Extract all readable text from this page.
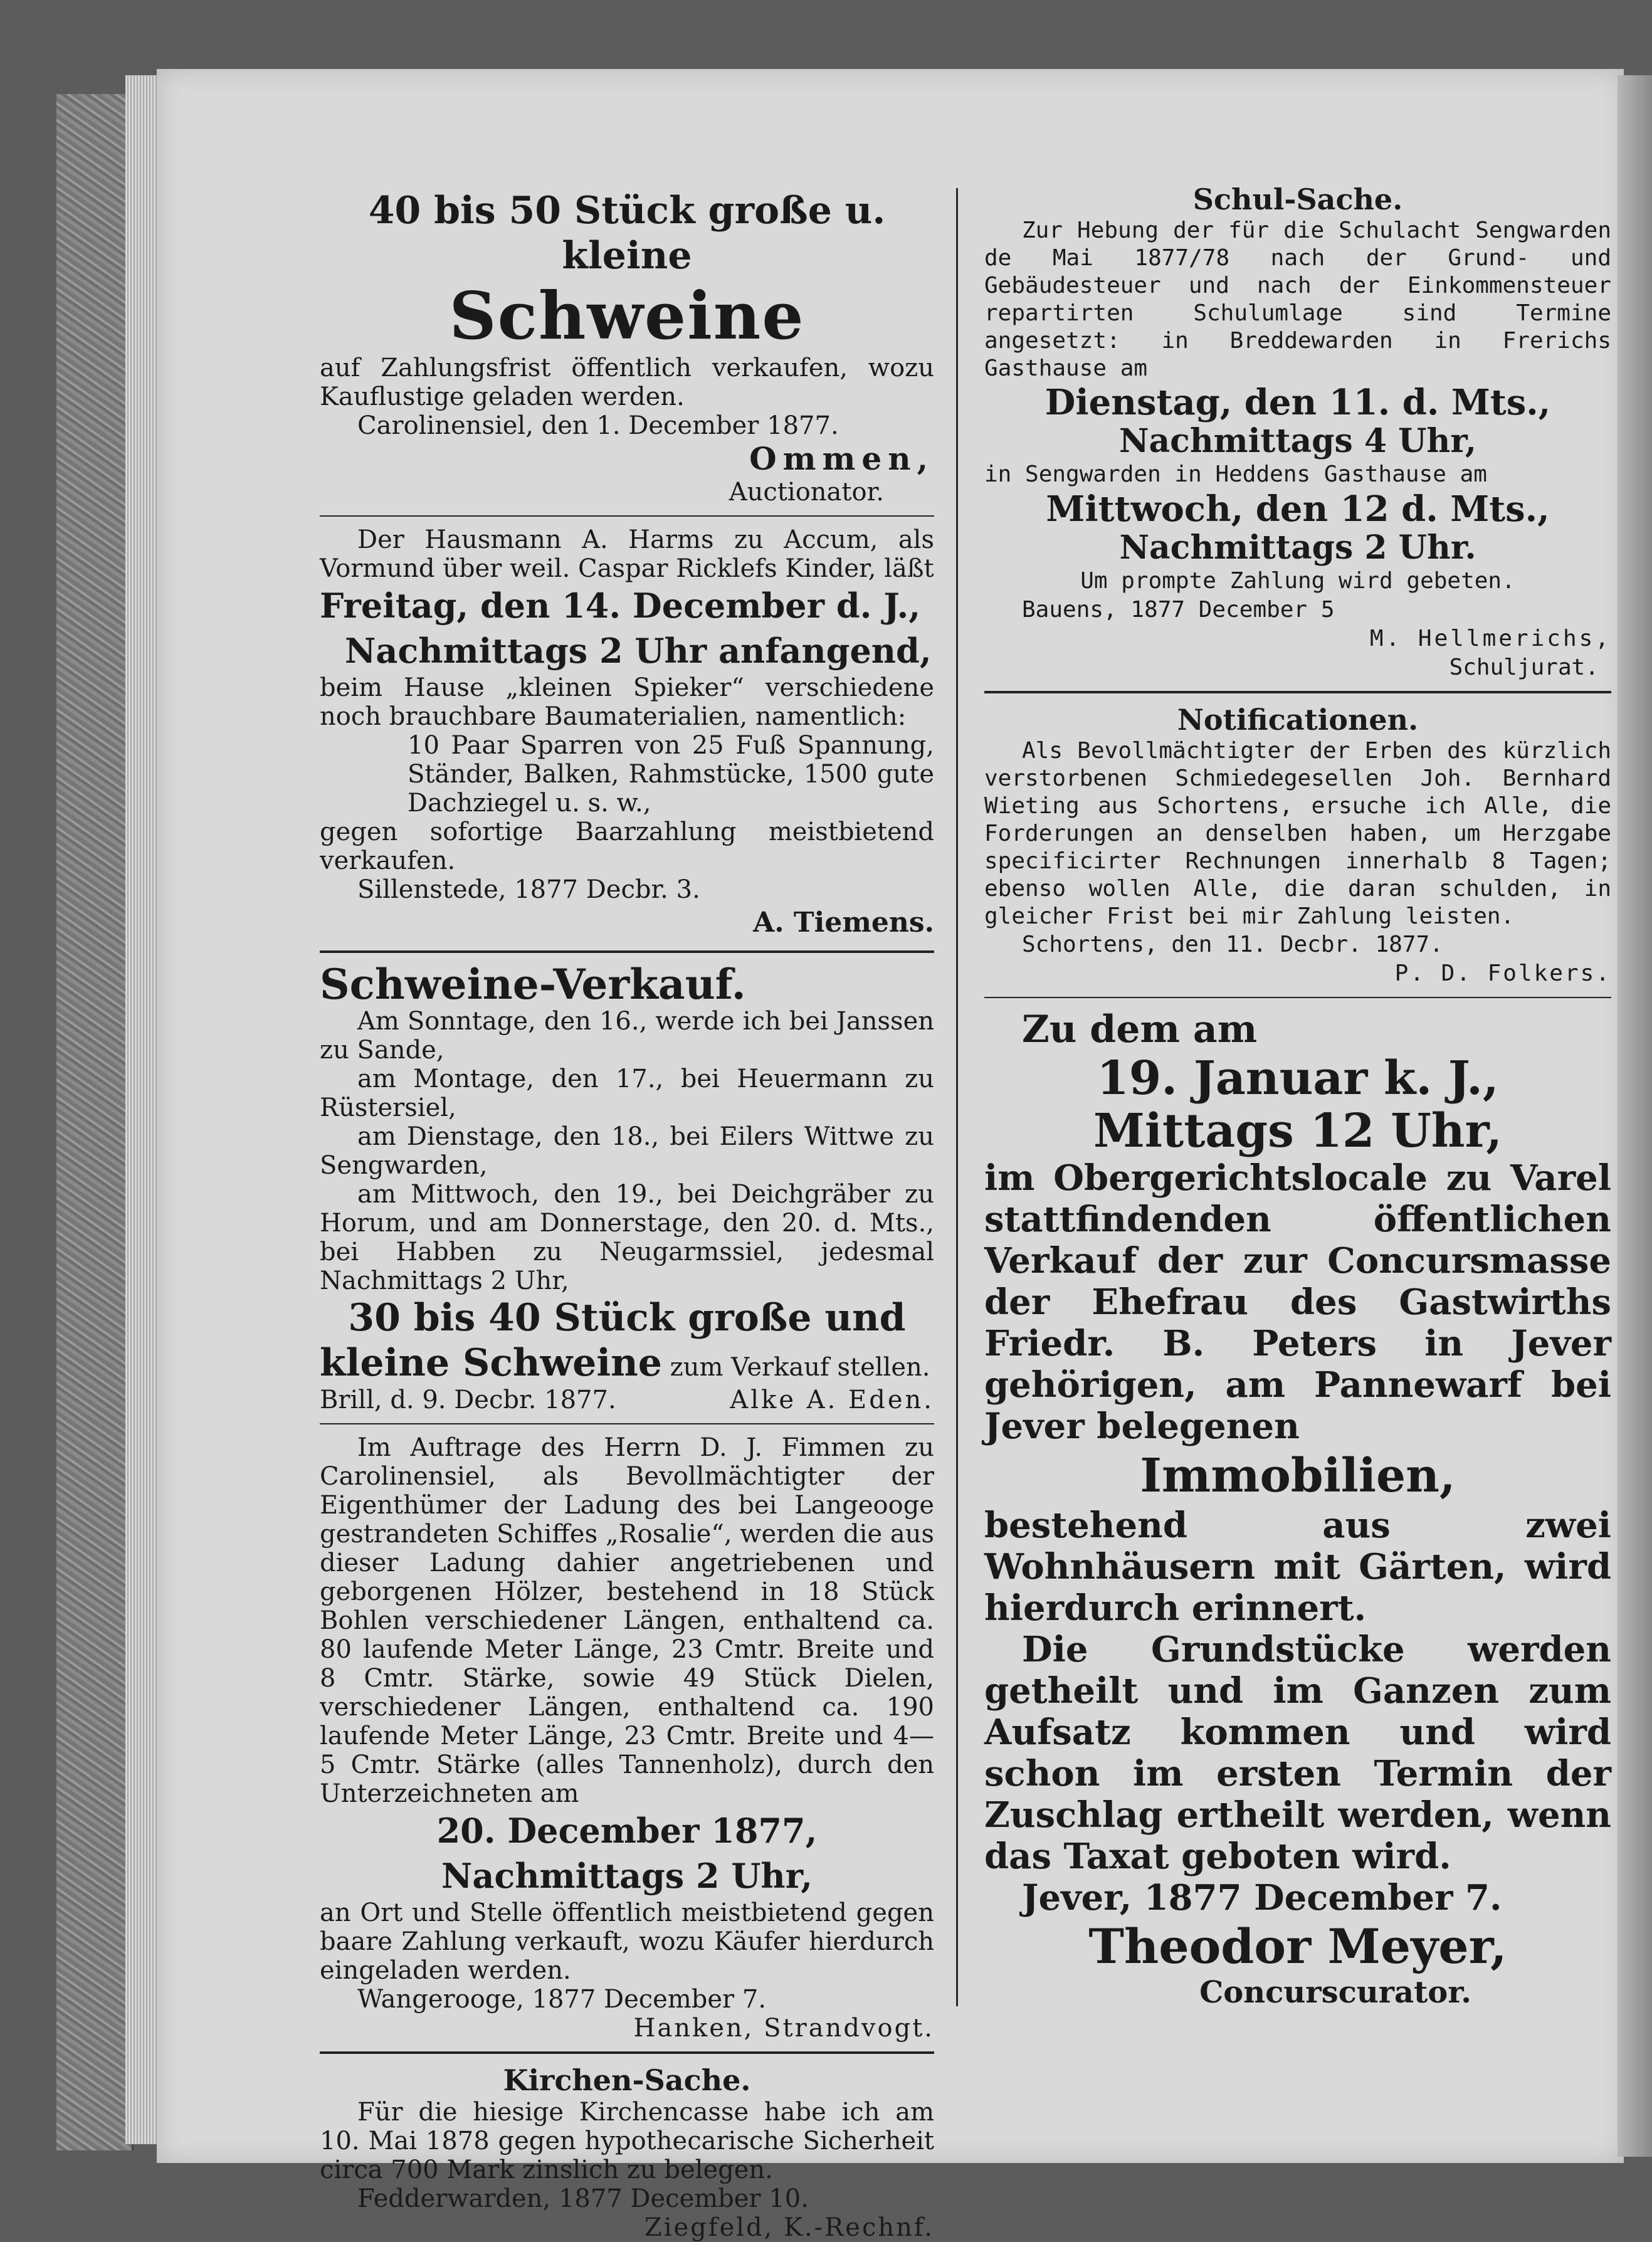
40 bis 50 Stück große u. kleine

Schweine

auf Zahlungsfrist öffentlich verkaufen, wozu Kauflustige geladen werden.

Carolinensiel, den 1. December 1877.

Ommen,

Auctionator.

Der Hausmann A. Harms zu Accum, als Vormund über weil. Caspar Ricklefs Kinder, läßt

Freitag, den 14. December d. J.,

Nachmittags 2 Uhr anfangend,

beim Hause „kleinen Spieker“ verschiedene noch brauchbare Baumaterialien, namentlich:

10 Paar Sparren von 25 Fuß Spannung, Ständer, Balken, Rahmstücke, 1500 gute Dachziegel u. s. w.,

gegen sofortige Baarzahlung meistbietend verkaufen.

Sillenstede, 1877 Decbr. 3.

A. Tiemens.

Schweine-Verkauf.

Am Sonntage, den 16., werde ich bei Janssen zu Sande,

am Montage, den 17., bei Heuermann zu Rüstersiel,

am Dienstage, den 18., bei Eilers Wittwe zu Sengwarden,

am Mittwoch, den 19., bei Deichgräber zu Horum, und am Donnerstage, den 20. d. Mts., bei Habben zu Neugarmssiel, jedesmal Nachmittags 2 Uhr,

30 bis 40 Stück große und

kleine Schweine zum Verkauf stellen.

Brill, d. 9. Decbr. 1877.	Alke A. Eden.

Im Auftrage des Herrn D. J. Fimmen zu Carolinensiel, als Bevollmächtigter der Eigenthümer der Ladung des bei Langeooge gestrandeten Schiffes „Rosalie“, werden die aus dieser Ladung dahier angetriebenen und geborgenen Hölzer, bestehend in 18 Stück Bohlen verschiedener Längen, enthaltend ca. 80 laufende Meter Länge, 23 Cmtr. Breite und 8 Cmtr. Stärke, sowie 49 Stück Dielen, verschiedener Längen, enthaltend ca. 190 laufende Meter Länge, 23 Cmtr. Breite und 4—5 Cmtr. Stärke (alles Tannenholz), durch den Unterzeichneten am

20. December 1877,

Nachmittags 2 Uhr,

an Ort und Stelle öffentlich meistbietend gegen baare Zahlung verkauft, wozu Käufer hierdurch eingeladen werden.

Wangerooge, 1877 December 7.

Hanken, Strandvogt.

Kirchen-Sache.

Für die hiesige Kirchencasse habe ich am 10. Mai 1878 gegen hypothecarische Sicherheit circa 700 Mark zinslich zu belegen.

Fedderwarden, 1877 December 10.

Ziegfeld, K.-Rechnf.

Schul-Sache.

Zur Hebung der für die Schulacht Sengwarden de Mai 1877/78 nach der Grund- und Gebäudesteuer und nach der Einkommensteuer repartirten Schulumlage sind Termine angesetzt: in Breddewarden in Frerichs Gasthause am

Dienstag, den 11. d. Mts.,

Nachmittags 4 Uhr,

in Sengwarden in Heddens Gasthause am

Mittwoch, den 12 d. Mts.,

Nachmittags 2 Uhr.

Um prompte Zahlung wird gebeten.

Bauens, 1877 December 5

M. Hellmerichs,

Schuljurat.

Notificationen.

Als Bevollmächtigter der Erben des kürzlich verstorbenen Schmiedegesellen Joh. Bernhard Wieting aus Schortens, ersuche ich Alle, die Forderungen an denselben haben, um Herzgabe specificirter Rechnungen innerhalb 8 Tagen; ebenso wollen Alle, die daran schulden, in gleicher Frist bei mir Zahlung leisten.

Schortens, den 11. Decbr. 1877.

P. D. Folkers.

Zu dem am

19. Januar k. J.,

Mittags 12 Uhr,

im Obergerichtslocale zu Varel stattfindenden öffentlichen Verkauf der zur Concursmasse der Ehefrau des Gastwirths Friedr. B. Peters in Jever gehörigen, am Pannewarf bei Jever belegenen

Immobilien,

bestehend aus zwei Wohnhäusern mit Gärten, wird hierdurch erinnert.

Die Grundstücke werden getheilt und im Ganzen zum Aufsatz kommen und wird schon im ersten Termin der Zuschlag ertheilt werden, wenn das Taxat geboten wird.

Jever, 1877 December 7.

Theodor Meyer,

Concurscurator.
